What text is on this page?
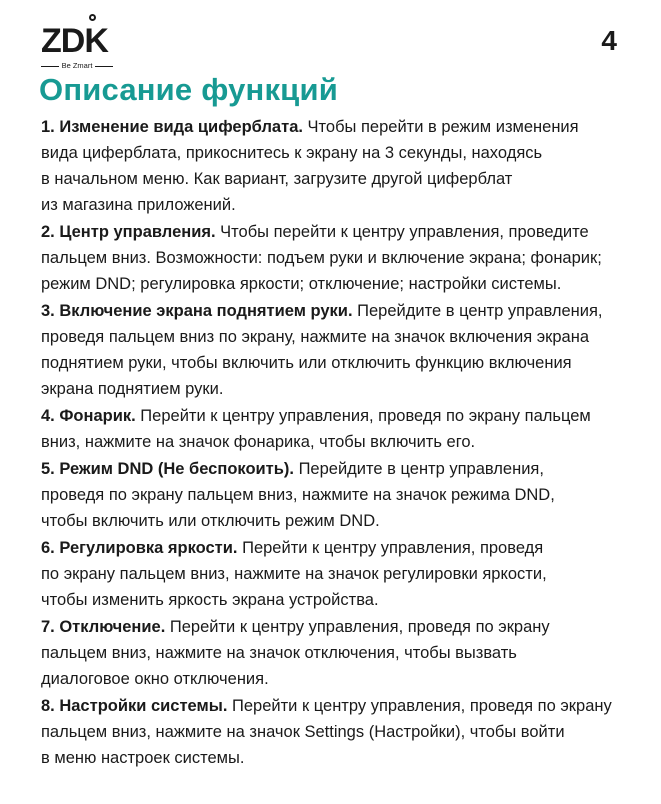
ZDK
Be Zmart
4
Описание функций
1. Изменение вида циферблата. Чтобы перейти в режим изменения
вида циферблата, прикоснитесь к экрану на 3 секунды, находясь
в начальном меню. Как вариант, загрузите другой циферблат
из магазина приложений.
2. Центр управления. Чтобы перейти к центру управления, проведите
пальцем вниз. Возможности: подъем руки и включение экрана; фонарик;
режим DND; регулировка яркости; отключение; настройки системы.
3. Включение экрана поднятием руки. Перейдите в центр управления,
проведя пальцем вниз по экрану, нажмите на значок включения экрана
поднятием руки, чтобы включить или отключить функцию включения
экрана поднятием руки.
4. Фонарик. Перейти к центру управления, проведя по экрану пальцем
вниз, нажмите на значок фонарика, чтобы включить его.
5. Режим DND (Не беспокоить). Перейдите в центр управления,
проведя по экрану пальцем вниз, нажмите на значок режима DND,
чтобы включить или отключить режим DND.
6. Регулировка яркости. Перейти к центру управления, проведя
по экрану пальцем вниз, нажмите на значок регулировки яркости,
чтобы изменить яркость экрана устройства.
7. Отключение. Перейти к центру управления, проведя по экрану
пальцем вниз, нажмите на значок отключения, чтобы вызвать
диалоговое окно отключения.
8. Настройки системы. Перейти к центру управления, проведя по экрану
пальцем вниз, нажмите на значок Settings (Настройки), чтобы войти
в меню настроек системы.
